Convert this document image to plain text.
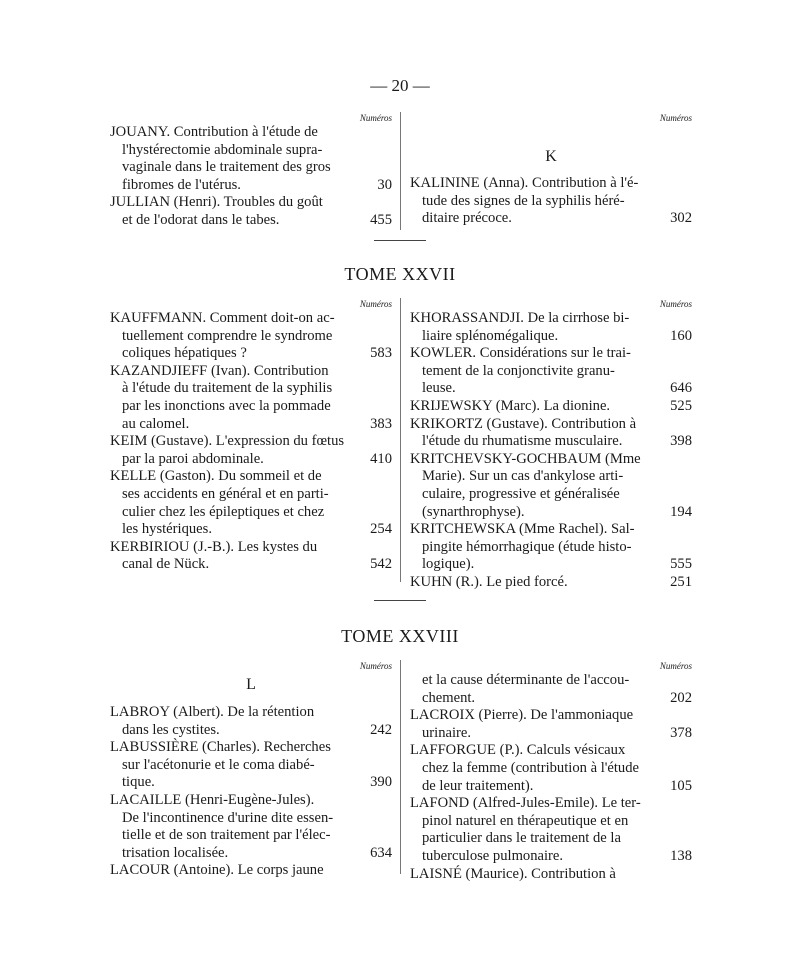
— 20 —
Numéros
JOUANY. Contribution à l'étude de
l'hystérectomie abdominale supra-
vaginale dans le traitement des gros
fibromes de l'utérus.	30
JULLIAN (Henri). Troubles du goût
et de l'odorat dans le tabes.	455
Numéros
K
KALININE (Anna). Contribution à l'é-
tude des signes de la syphilis héré-
ditaire précoce.	302
TOME XXVII
Numéros
KAUFFMANN. Comment doit-on ac-
tuellement comprendre le syndrome
coliques hépatiques ?	583
KAZANDJIEFF (Ivan). Contribution
à l'étude du traitement de la syphilis
par les inonctions avec la pommade
au calomel.	383
KEIM (Gustave). L'expression du fœtus
par la paroi abdominale.	410
KELLE (Gaston). Du sommeil et de
ses accidents en général et en parti-
culier chez les épileptiques et chez
les hystériques.	254
KERBIRIOU (J.-B.). Les kystes du
canal de Nück.	542
Numéros
KHORASSANDJI. De la cirrhose bi-
liaire splénomégalique.	160
KOWLER. Considérations sur le trai-
tement de la conjonctivite granu-
leuse.	646
KRIJEWSKY (Marc). La dionine.	525
KRIKORTZ (Gustave). Contribution à
l'étude du rhumatisme musculaire.	398
KRITCHEVSKY-GOCHBAUM (Mme
Marie). Sur un cas d'ankylose arti-
culaire, progressive et généralisée
(synarthrophyse).	194
KRITCHEWSKA (Mme Rachel). Sal-
pingite hémorrhagique (étude histo-
logique).	555
KUHN (R.). Le pied forcé.	251
TOME XXVIII
Numéros
L
LABROY (Albert). De la rétention
dans les cystites.	242
LABUSSIÈRE (Charles). Recherches
sur l'acétonurie et le coma diabé-
tique.	390
LACAILLE (Henri-Eugène-Jules).
De l'incontinence d'urine dite essen-
tielle et de son traitement par l'élec-
trisation localisée.	634
LACOUR (Antoine). Le corps jaune
Numéros
et la cause déterminante de l'accou-
chement.	202
LACROIX (Pierre). De l'ammoniaque
urinaire.	378
LAFFORGUE (P.). Calculs vésicaux
chez la femme (contribution à l'étude
de leur traitement).	105
LAFOND (Alfred-Jules-Emile). Le ter-
pinol naturel en thérapeutique et en
particulier dans le traitement de la
tuberculose pulmonaire.	138
LAISNÉ (Maurice). Contribution à
